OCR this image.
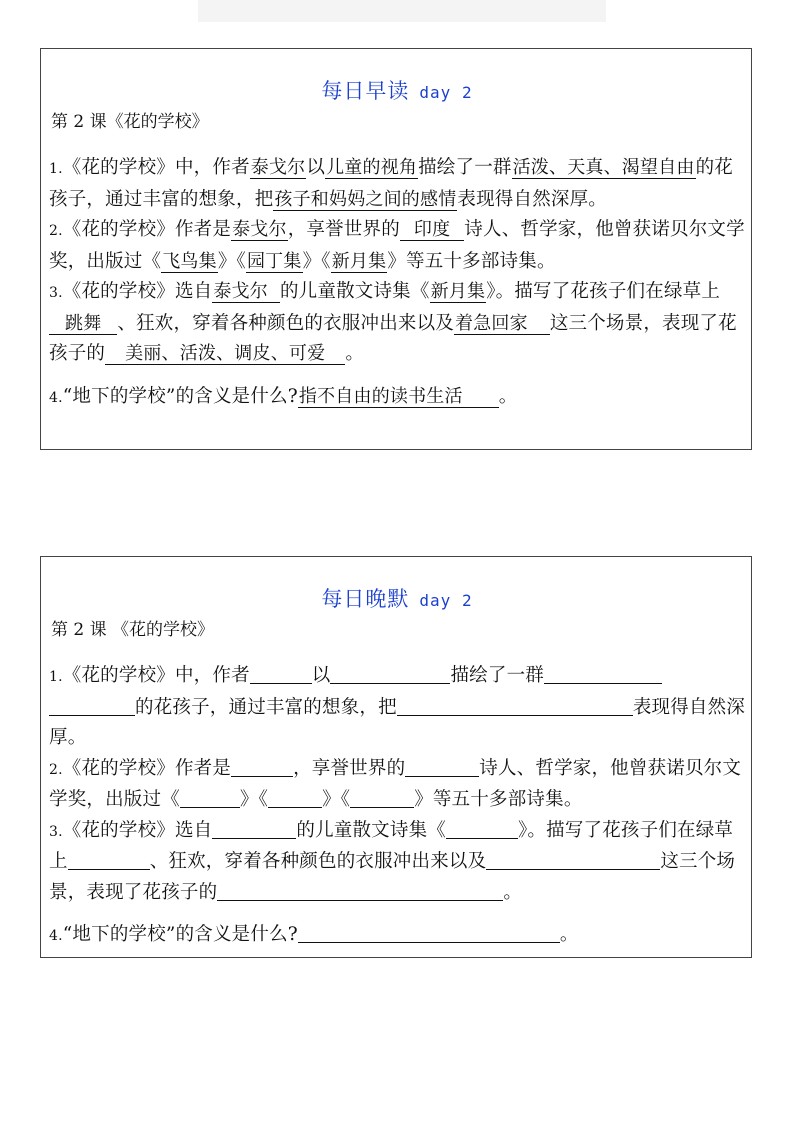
每日早读 day 2
第 2 课《花的学校》

1.《花的学校》中，作者泰戈尔以儿童的视角描绘了一群活泼、天真、渴望自由的花孩子，通过丰富的想象，把孩子和妈妈之间的感情表现得自然深厚。

2.《花的学校》作者是泰戈尔，享誉世界的 印度 诗人、哲学家，他曾获诺贝尔文学奖，出版过《飞鸟集》《园丁集》《新月集》等五十多部诗集。

3.《花的学校》选自泰戈尔 的儿童散文诗集《新月集》。描写了花孩子们在绿草上跳舞 、狂欢，穿着各种颜色的衣服冲出来以及着急回家 这三个场景，表现了花孩子的 美丽、活泼、调皮、可爱 。

4.“地下的学校”的含义是什么?指不自由的读书生活 。

每日晚默 day 2
第 2 课 《花的学校》

1.《花的学校》中，作者	以	描绘了一群的花孩子，通过丰富的想象，把	表现得自然深厚。

2.《花的学校》作者是	，享誉世界的	诗人、哲学家，他曾获诺贝尔文学奖，出版过《	》《	》《	》等五十多部诗集。

3.《花的学校》选自	的儿童散文诗集《	》。描写了花孩子们在绿草上	、狂欢，穿着各种颜色的衣服冲出来以及	这三个场景，表现了花孩子的	。

4.“地下的学校”的含义是什么?	。
